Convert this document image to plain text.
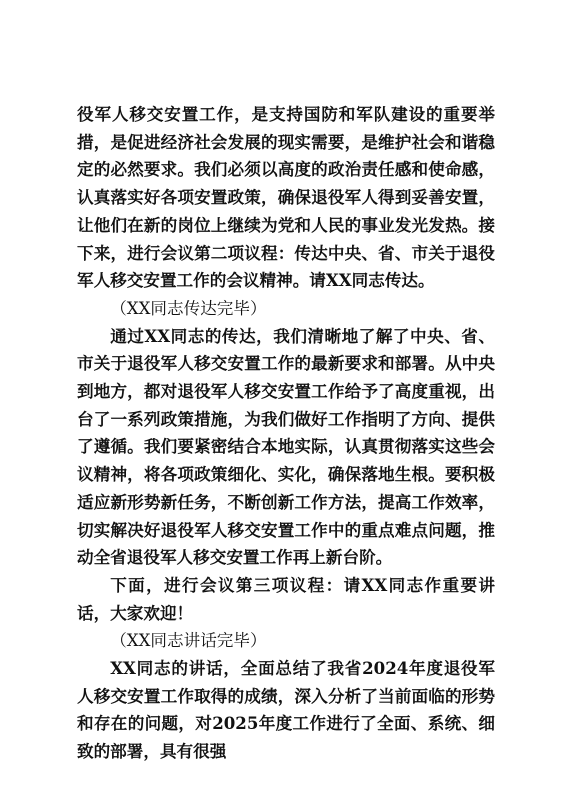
役军人移交安置工作，是支持国防和军队建设的重要举措，是促进经济社会发展的现实需要，是维护社会和谐稳定的必然要求。我们必须以高度的政治责任感和使命感，认真落实好各项安置政策，确保退役军人得到妥善安置，让他们在新的岗位上继续为党和人民的事业发光发热。接下来，进行会议第二项议程：传达中央、省、市关于退役军人移交安置工作的会议精神。请XX同志传达。

（XX同志传达完毕）

通过XX同志的传达，我们清晰地了解了中央、省、市关于退役军人移交安置工作的最新要求和部署。从中央到地方，都对退役军人移交安置工作给予了高度重视，出台了一系列政策措施，为我们做好工作指明了方向、提供了遵循。我们要紧密结合本地实际，认真贯彻落实这些会议精神，将各项政策细化、实化，确保落地生根。要积极适应新形势新任务，不断创新工作方法，提高工作效率，切实解决好退役军人移交安置工作中的重点难点问题，推动全省退役军人移交安置工作再上新台阶。

下面，进行会议第三项议程：请XX同志作重要讲话，大家欢迎！

（XX同志讲话完毕）

XX同志的讲话，全面总结了我省2024年度退役军人移交安置工作取得的成绩，深入分析了当前面临的形势和存在的问题，对2025年度工作进行了全面、系统、细致的部署，具有很强
